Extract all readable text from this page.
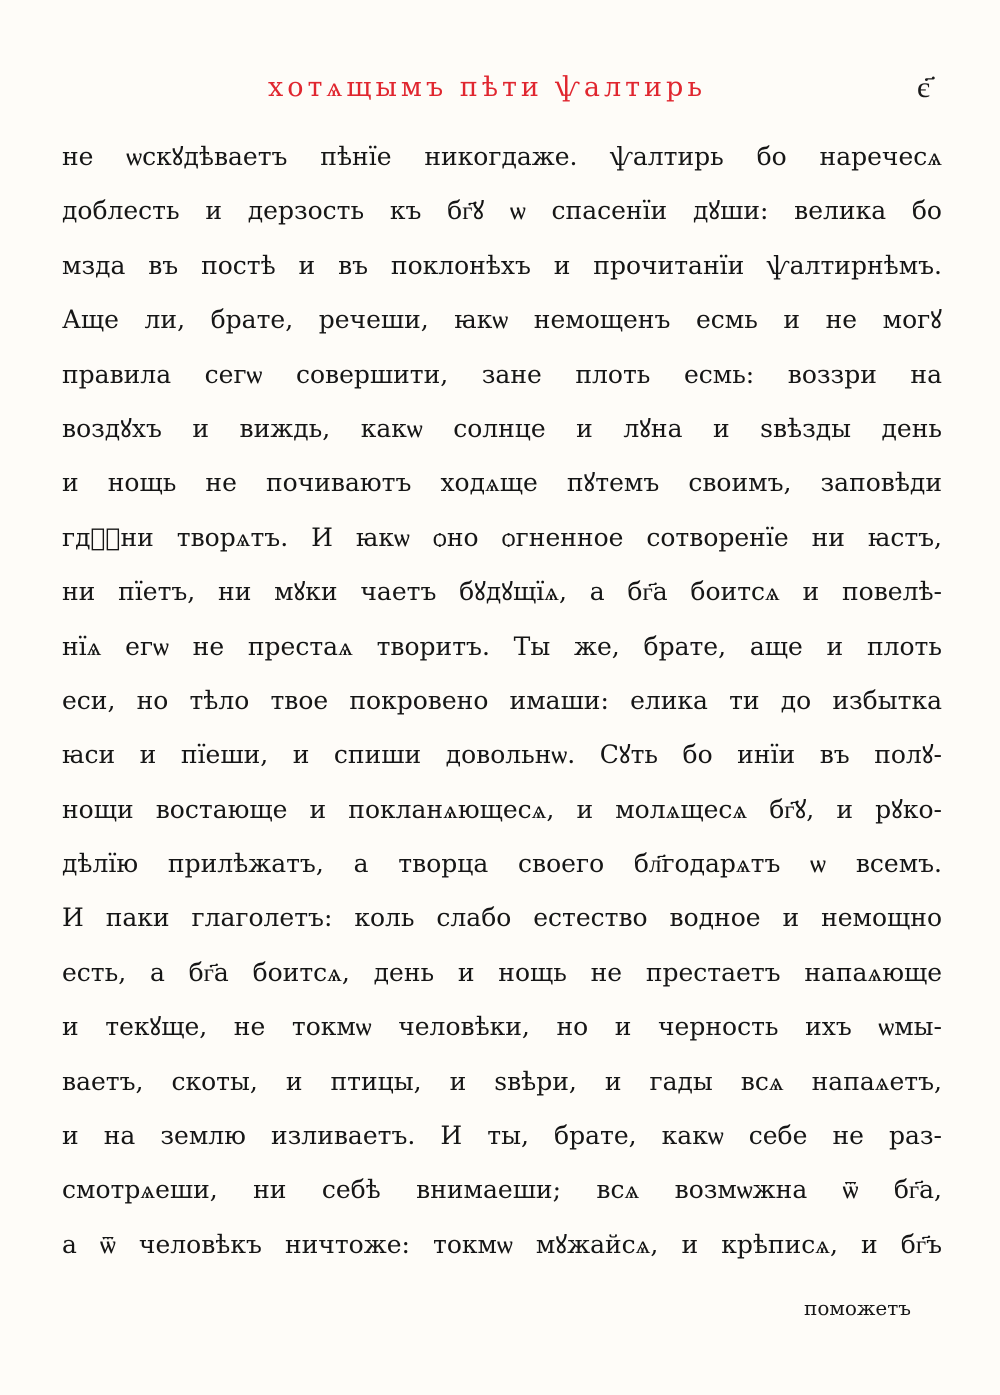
хотѧщымъ пѣти ѱалтирь	є҃
не ѡскꙋдѣваетъ пѣнїе никогдаже. ѱалтирь бо наречесѧ
доблесть и дерзость къ бг҃ꙋ ѡ спасенїи дꙋши: велика бо
мзда въ постѣ и въ поклонѣхъ и прочитанїи ѱалтирнѣмъ.
Аще ли, брате, речеши, ꙗкѡ немощенъ есмь и не могꙋ
правила сегѡ совершити, зане плоть есмь: воззри на
воздꙋхъ и виждь, какѡ солнце и лꙋна и ѕвѣзды день
и нощь не почиваютъ ходѧще пꙋтемъ своимъ, заповѣди
гдⷭ҇ни творѧтъ. И ꙗкѡ ѻно ѻгненное сотворенїе ни ꙗстъ,
ни пїетъ, ни мꙋки чаетъ бꙋдꙋщїѧ, а бг҃а боитсѧ и повелѣ-
нїѧ егѡ не престаѧ творитъ. Ты же, брате, аще и плоть
еси, но тѣло твое покровено имаши: елика ти до избытка
ꙗси и пїеши, и спиши довольнѡ. Сꙋть бо инїи въ полꙋ-
нощи востающе и покланѧющесѧ, и молѧщесѧ бг҃ꙋ, и рꙋко-
дѣлїю прилѣжатъ, а творца своего бл҃годарѧтъ ѡ всемъ.
И паки глаголетъ: коль слабо естество водное и немощно
есть, а бг҃а боитсѧ, день и нощь не престаетъ напаѧюще
и текꙋще, не токмѡ человѣки, но и черность ихъ ѡмы-
ваетъ, скоты, и птицы, и ѕвѣри, и гады всѧ напаѧетъ,
и на землю изливаетъ. И ты, брате, какѡ себе не раз-
смотрѧеши, ни себѣ внимаеши; всѧ возмѡжна ѿ бг҃а,
а ѿ человѣкъ ничтоже: токмѡ мꙋжайсѧ, и крѣписѧ, и бг҃ъ
поможетъ
